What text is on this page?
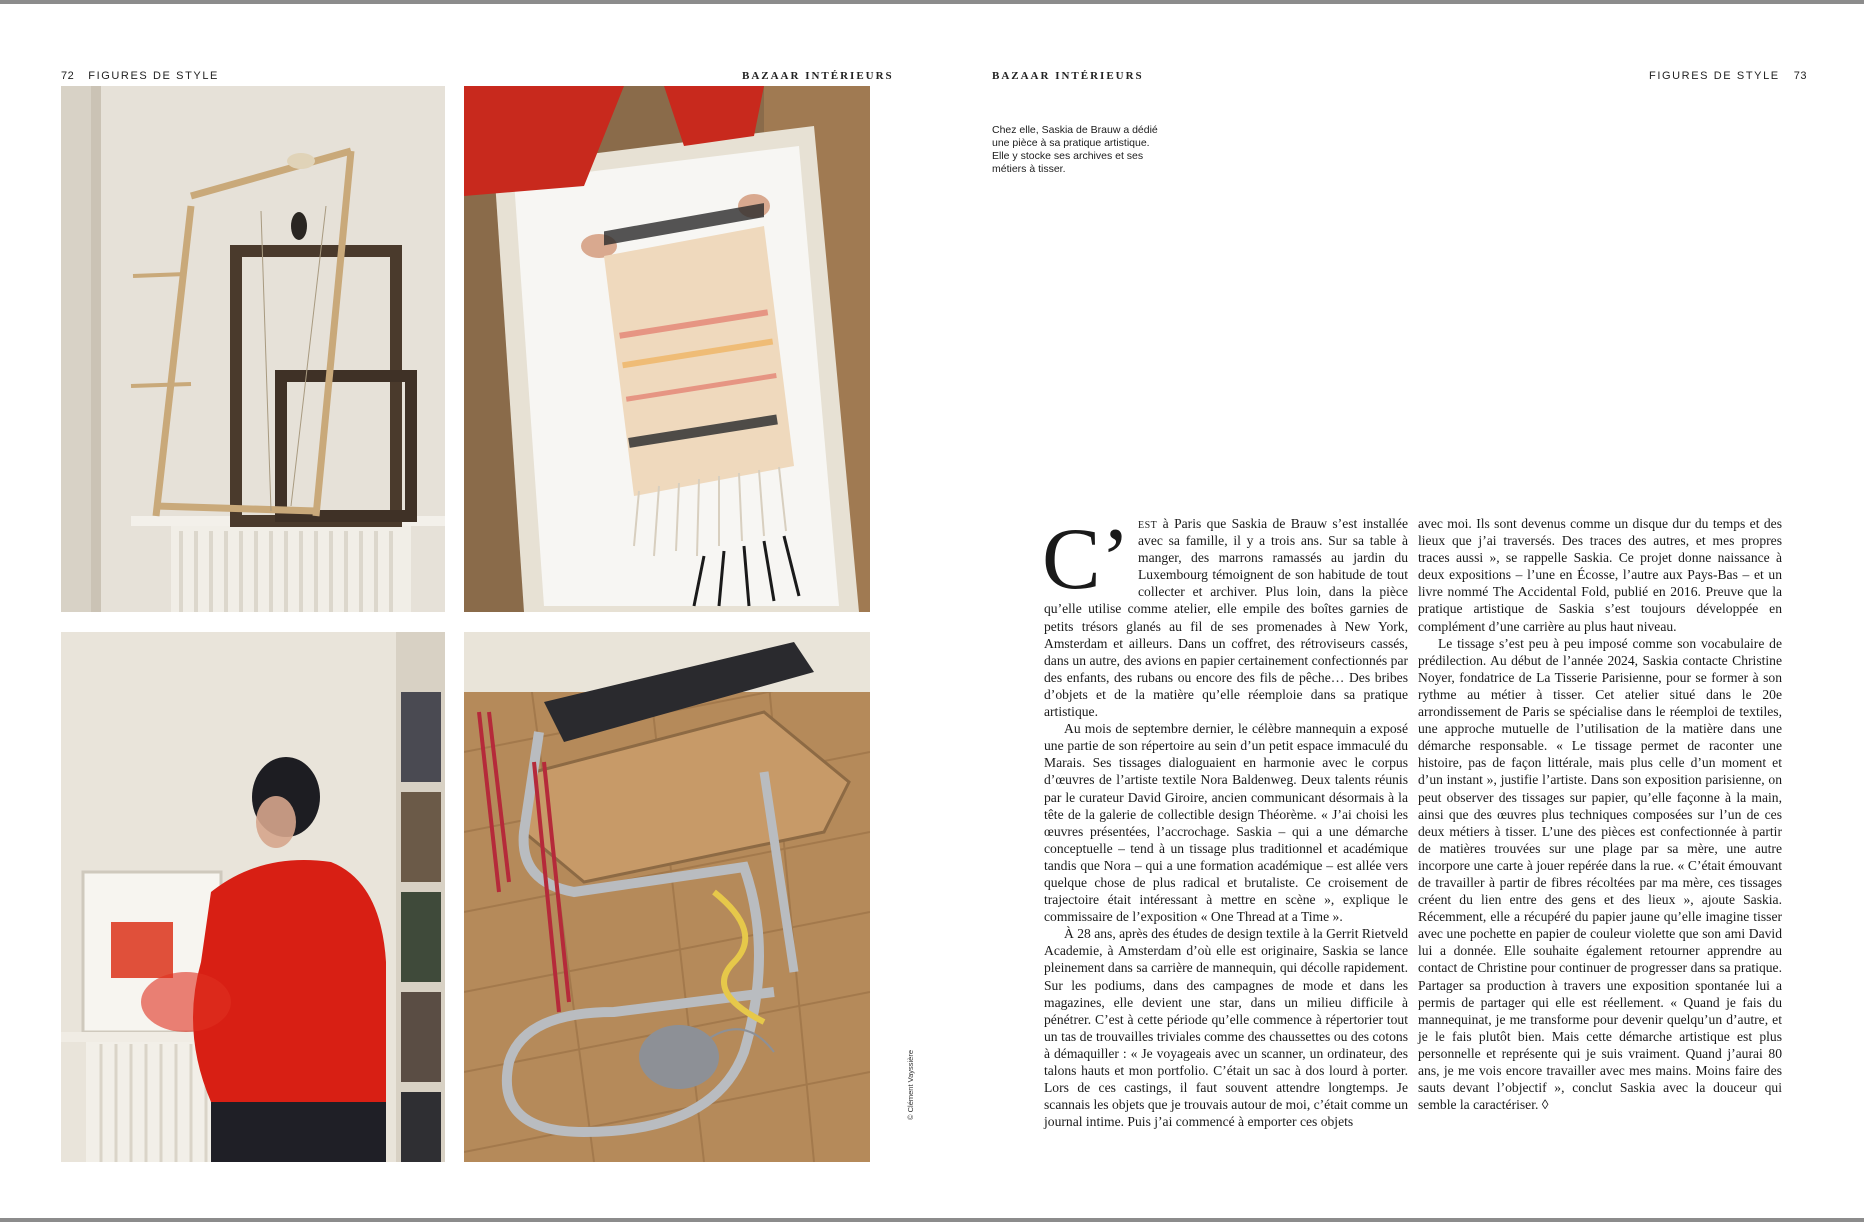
72 FIGURES DE STYLE	BAZAAR INTÉRIEURS	BAZAAR INTÉRIEURS	FIGURES DE STYLE 73
© Clément Vayssière
Chez elle, Saskia de Brauw a dédié une pièce à sa pratique artistique. Elle y stocke ses archives et ses métiers à tisser.

C’ est à Paris que Saskia de Brauw s’est installée avec sa famille, il y a trois ans. Sur sa table à manger, des marrons ramassés au jardin du Luxembourg témoignent de son habitude de tout collecter et archiver. Plus loin, dans la pièce qu’elle utilise comme atelier, elle empile des boîtes garnies de petits trésors glanés au fil de ses promenades à New York, Amsterdam et ailleurs. Dans un coffret, des rétroviseurs cassés, dans un autre, des avions en papier certainement confectionnés par des enfants, des rubans ou encore des fils de pêche… Des bribes d’objets et de la matière qu’elle réemploie dans sa pratique artistique.

Au mois de septembre dernier, le célèbre mannequin a exposé une partie de son répertoire au sein d’un petit espace immaculé du Marais. Ses tissages dialoguaient en harmonie avec le corpus d’œuvres de l’artiste textile Nora Baldenweg. Deux talents réunis par le curateur David Giroire, ancien communicant désormais à la tête de la galerie de collectible design Théorème. « J’ai choisi les œuvres présentées, l’accrochage. Saskia – qui a une démarche conceptuelle – tend à un tissage plus traditionnel et académique tandis que Nora – qui a une formation académique – est allée vers quelque chose de plus radical et brutaliste. Ce croisement de trajectoire était intéressant à mettre en scène », explique le commissaire de l’exposition « One Thread at a Time ».

À 28 ans, après des études de design textile à la Gerrit Rietveld Academie, à Amsterdam d’où elle est originaire, Saskia se lance pleinement dans sa carrière de mannequin, qui décolle rapidement. Sur les podiums, dans des campagnes de mode et dans les magazines, elle devient une star, dans un milieu difficile à pénétrer. C’est à cette période qu’elle commence à répertorier tout un tas de trouvailles triviales comme des chaussettes ou des cotons à démaquiller : « Je voyageais avec un scanner, un ordinateur, des talons hauts et mon portfolio. C’était un sac à dos lourd à porter. Lors de ces castings, il faut souvent attendre longtemps. Je scannais les objets que je trouvais autour de moi, c’était comme un journal intime. Puis j’ai commencé à emporter ces objets

avec moi. Ils sont devenus comme un disque dur du temps et des lieux que j’ai traversés. Des traces des autres, et mes propres traces aussi », se rappelle Saskia. Ce projet donne naissance à deux expositions – l’une en Écosse, l’autre aux Pays-Bas – et un livre nommé The Accidental Fold, publié en 2016. Preuve que la pratique artistique de Saskia s’est toujours développée en complément d’une carrière au plus haut niveau.

Le tissage s’est peu à peu imposé comme son vocabulaire de prédilection. Au début de l’année 2024, Saskia contacte Christine Noyer, fondatrice de La Tisserie Parisienne, pour se former à son rythme au métier à tisser. Cet atelier situé dans le 20e arrondissement de Paris se spécialise dans le réemploi de textiles, une approche mutuelle de l’utilisation de la matière dans une démarche responsable. « Le tissage permet de raconter une histoire, pas de façon littérale, mais plus celle d’un moment et d’un instant », justifie l’artiste. Dans son exposition parisienne, on peut observer des tissages sur papier, qu’elle façonne à la main, ainsi que des œuvres plus techniques composées sur l’un de ces deux métiers à tisser. L’une des pièces est confectionnée à partir de matières trouvées sur une plage par sa mère, une autre incorpore une carte à jouer repérée dans la rue. « C’était émouvant de travailler à partir de fibres récoltées par ma mère, ces tissages créent du lien entre des gens et des lieux », ajoute Saskia. Récemment, elle a récupéré du papier jaune qu’elle imagine tisser avec une pochette en papier de couleur violette que son ami David lui a donnée. Elle souhaite également retourner apprendre au contact de Christine pour continuer de progresser dans sa pratique. Partager sa production à travers une exposition spontanée lui a permis de partager qui elle est réellement. « Quand je fais du mannequinat, je me transforme pour devenir quelqu’un d’autre, et je le fais plutôt bien. Mais cette démarche artistique est plus personnelle et représente qui je suis vraiment. Quand j’aurai 80 ans, je me vois encore travailler avec mes mains. Moins faire des sauts devant l’objectif », conclut Saskia avec la douceur qui semble la caractériser. ◊
